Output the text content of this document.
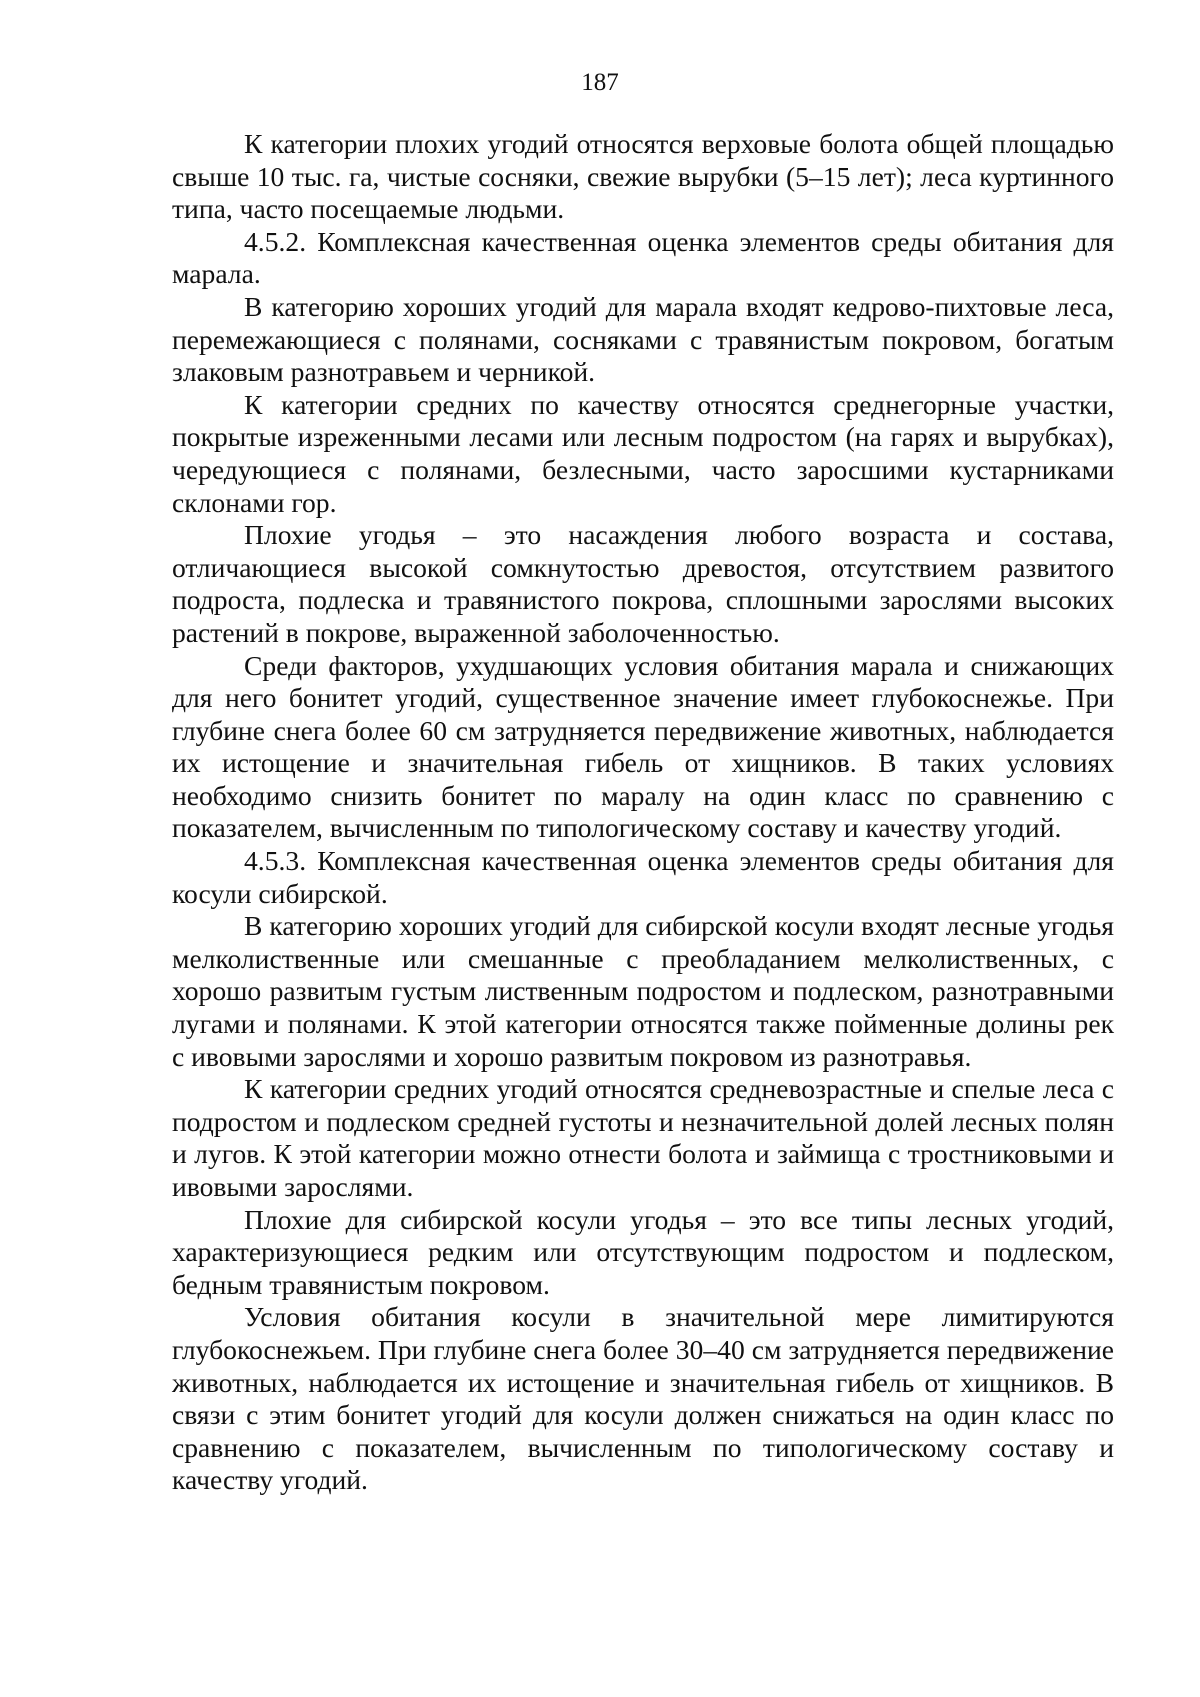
187

К категории плохих угодий относятся верховые болота общей площадью свыше 10 тыс. га, чистые сосняки, свежие вырубки (5–15 лет); леса куртинного типа, часто посещаемые людьми.

4.5.2. Комплексная качественная оценка элементов среды обитания для марала.

В категорию хороших угодий для марала входят кедрово-пихтовые леса, перемежающиеся с полянами, сосняками с травянистым покровом, богатым злаковым разнотравьем и черникой.

К категории средних по качеству относятся среднегорные участки, покрытые изреженными лесами или лесным подростом (на гарях и вырубках), чередующиеся с полянами, безлесными, часто заросшими кустарниками склонами гор.

Плохие угодья – это насаждения любого возраста и состава, отличающиеся высокой сомкнутостью древостоя, отсутствием развитого подроста, подлеска и травянистого покрова, сплошными зарослями высоких растений в покрове, выраженной заболоченностью.

Среди факторов, ухудшающих условия обитания марала и снижающих для него бонитет угодий, существенное значение имеет глубокоснежье. При глубине снега более 60 см затрудняется передвижение животных, наблюдается их истощение и значительная гибель от хищников. В таких условиях необходимо снизить бонитет по маралу на один класс по сравнению с показателем, вычисленным по типологическому составу и качеству угодий.

4.5.3. Комплексная качественная оценка элементов среды обитания для косули сибирской.

В категорию хороших угодий для сибирской косули входят лесные угодья мелколиственные или смешанные с преобладанием мелколиственных, с хорошо развитым густым лиственным подростом и подлеском, разнотравными лугами и полянами. К этой категории относятся также пойменные долины рек с ивовыми зарослями и хорошо развитым покровом из разнотравья.

К категории средних угодий относятся средневозрастные и спелые леса с подростом и подлеском средней густоты и незначительной долей лесных полян и лугов. К этой категории можно отнести болота и займища с тростниковыми и ивовыми зарослями.

Плохие для сибирской косули угодья – это все типы лесных угодий, характеризующиеся редким или отсутствующим подростом и подлеском, бедным травянистым покровом.

Условия обитания косули в значительной мере лимитируются глубокоснежьем. При глубине снега более 30–40 см затрудняется передвижение животных, наблюдается их истощение и значительная гибель от хищников. В связи с этим бонитет угодий для косули должен снижаться на один класс по сравнению с показателем, вычисленным по типологическому составу и качеству угодий.
